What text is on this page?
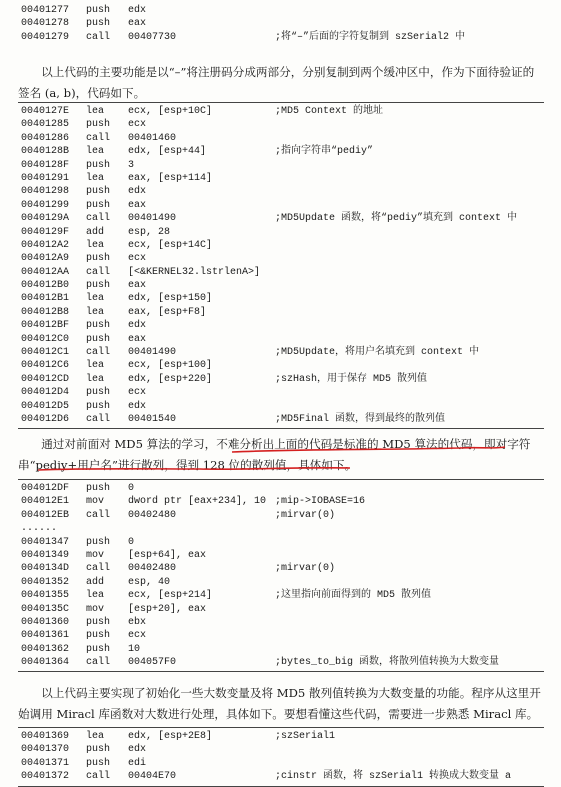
00401277 push edx
00401278 push eax
00401279 call 00407730	;将“–”后面的字符复制到 szSerial2 中
以上代码的主要功能是以“–”将注册码分成两部分，分别复制到两个缓冲区中，作为下面待验证的签名 (a, b)，代码如下。
0040127E lea ecx, [esp+10C]	;MD5 Context 的地址
00401285 push ecx
00401286 call 00401460
0040128B lea edx, [esp+44]	;指向字符串“pediy”
0040128F push 3
00401291 lea eax, [esp+114]
00401298 push edx
00401299 push eax
0040129A call 00401490	;MD5Update 函数，将“pediy”填充到 context 中
0040129F add esp, 28
004012A2 lea ecx, [esp+14C]
004012A9 push ecx
004012AA call [<&KERNEL32.lstrlenA>]
004012B0 push eax
004012B1 lea edx, [esp+150]
004012B8 lea eax, [esp+F8]
004012BF push edx
004012C0 push eax
004012C1 call 00401490	;MD5Update，将用户名填充到 context 中
004012C6 lea ecx, [esp+100]
004012CD lea edx, [esp+220]	;szHash，用于保存 MD5 散列值
004012D4 push ecx
004012D5 push edx
004012D6 call 00401540	;MD5Final 函数，得到最终的散列值
通过对前面对 MD5 算法的学习，不难分析出上面的代码是标准的 MD5 算法的代码，即对字符串“pediy+用户名”进行散列，得到 128 位的散列值，具体如下。
004012DF push 0
004012E1 mov dword ptr [eax+234], 10 ;mip->IOBASE=16
004012EB call 00402480	;mirvar(0)
......
00401347 push 0
00401349 mov [esp+64], eax
0040134D call 00402480	;mirvar(0)
00401352 add esp, 40
00401355 lea ecx, [esp+214]	;这里指向前面得到的 MD5 散列值
0040135C mov [esp+20], eax
00401360 push ebx
00401361 push ecx
00401362 push 10
00401364 call 004057F0	;bytes_to_big 函数，将散列值转换为大数变量
以上代码主要实现了初始化一些大数变量及将 MD5 散列值转换为大数变量的功能。程序从这里开始调用 Miracl 库函数对大数进行处理，具体如下。要想看懂这些代码，需要进一步熟悉 Miracl 库。
00401369 lea edx, [esp+2E8]	;szSerial1
00401370 push edx
00401371 push edi
00401372 call 00404E70	;cinstr 函数，将 szSerial1 转换成大数变量 a
